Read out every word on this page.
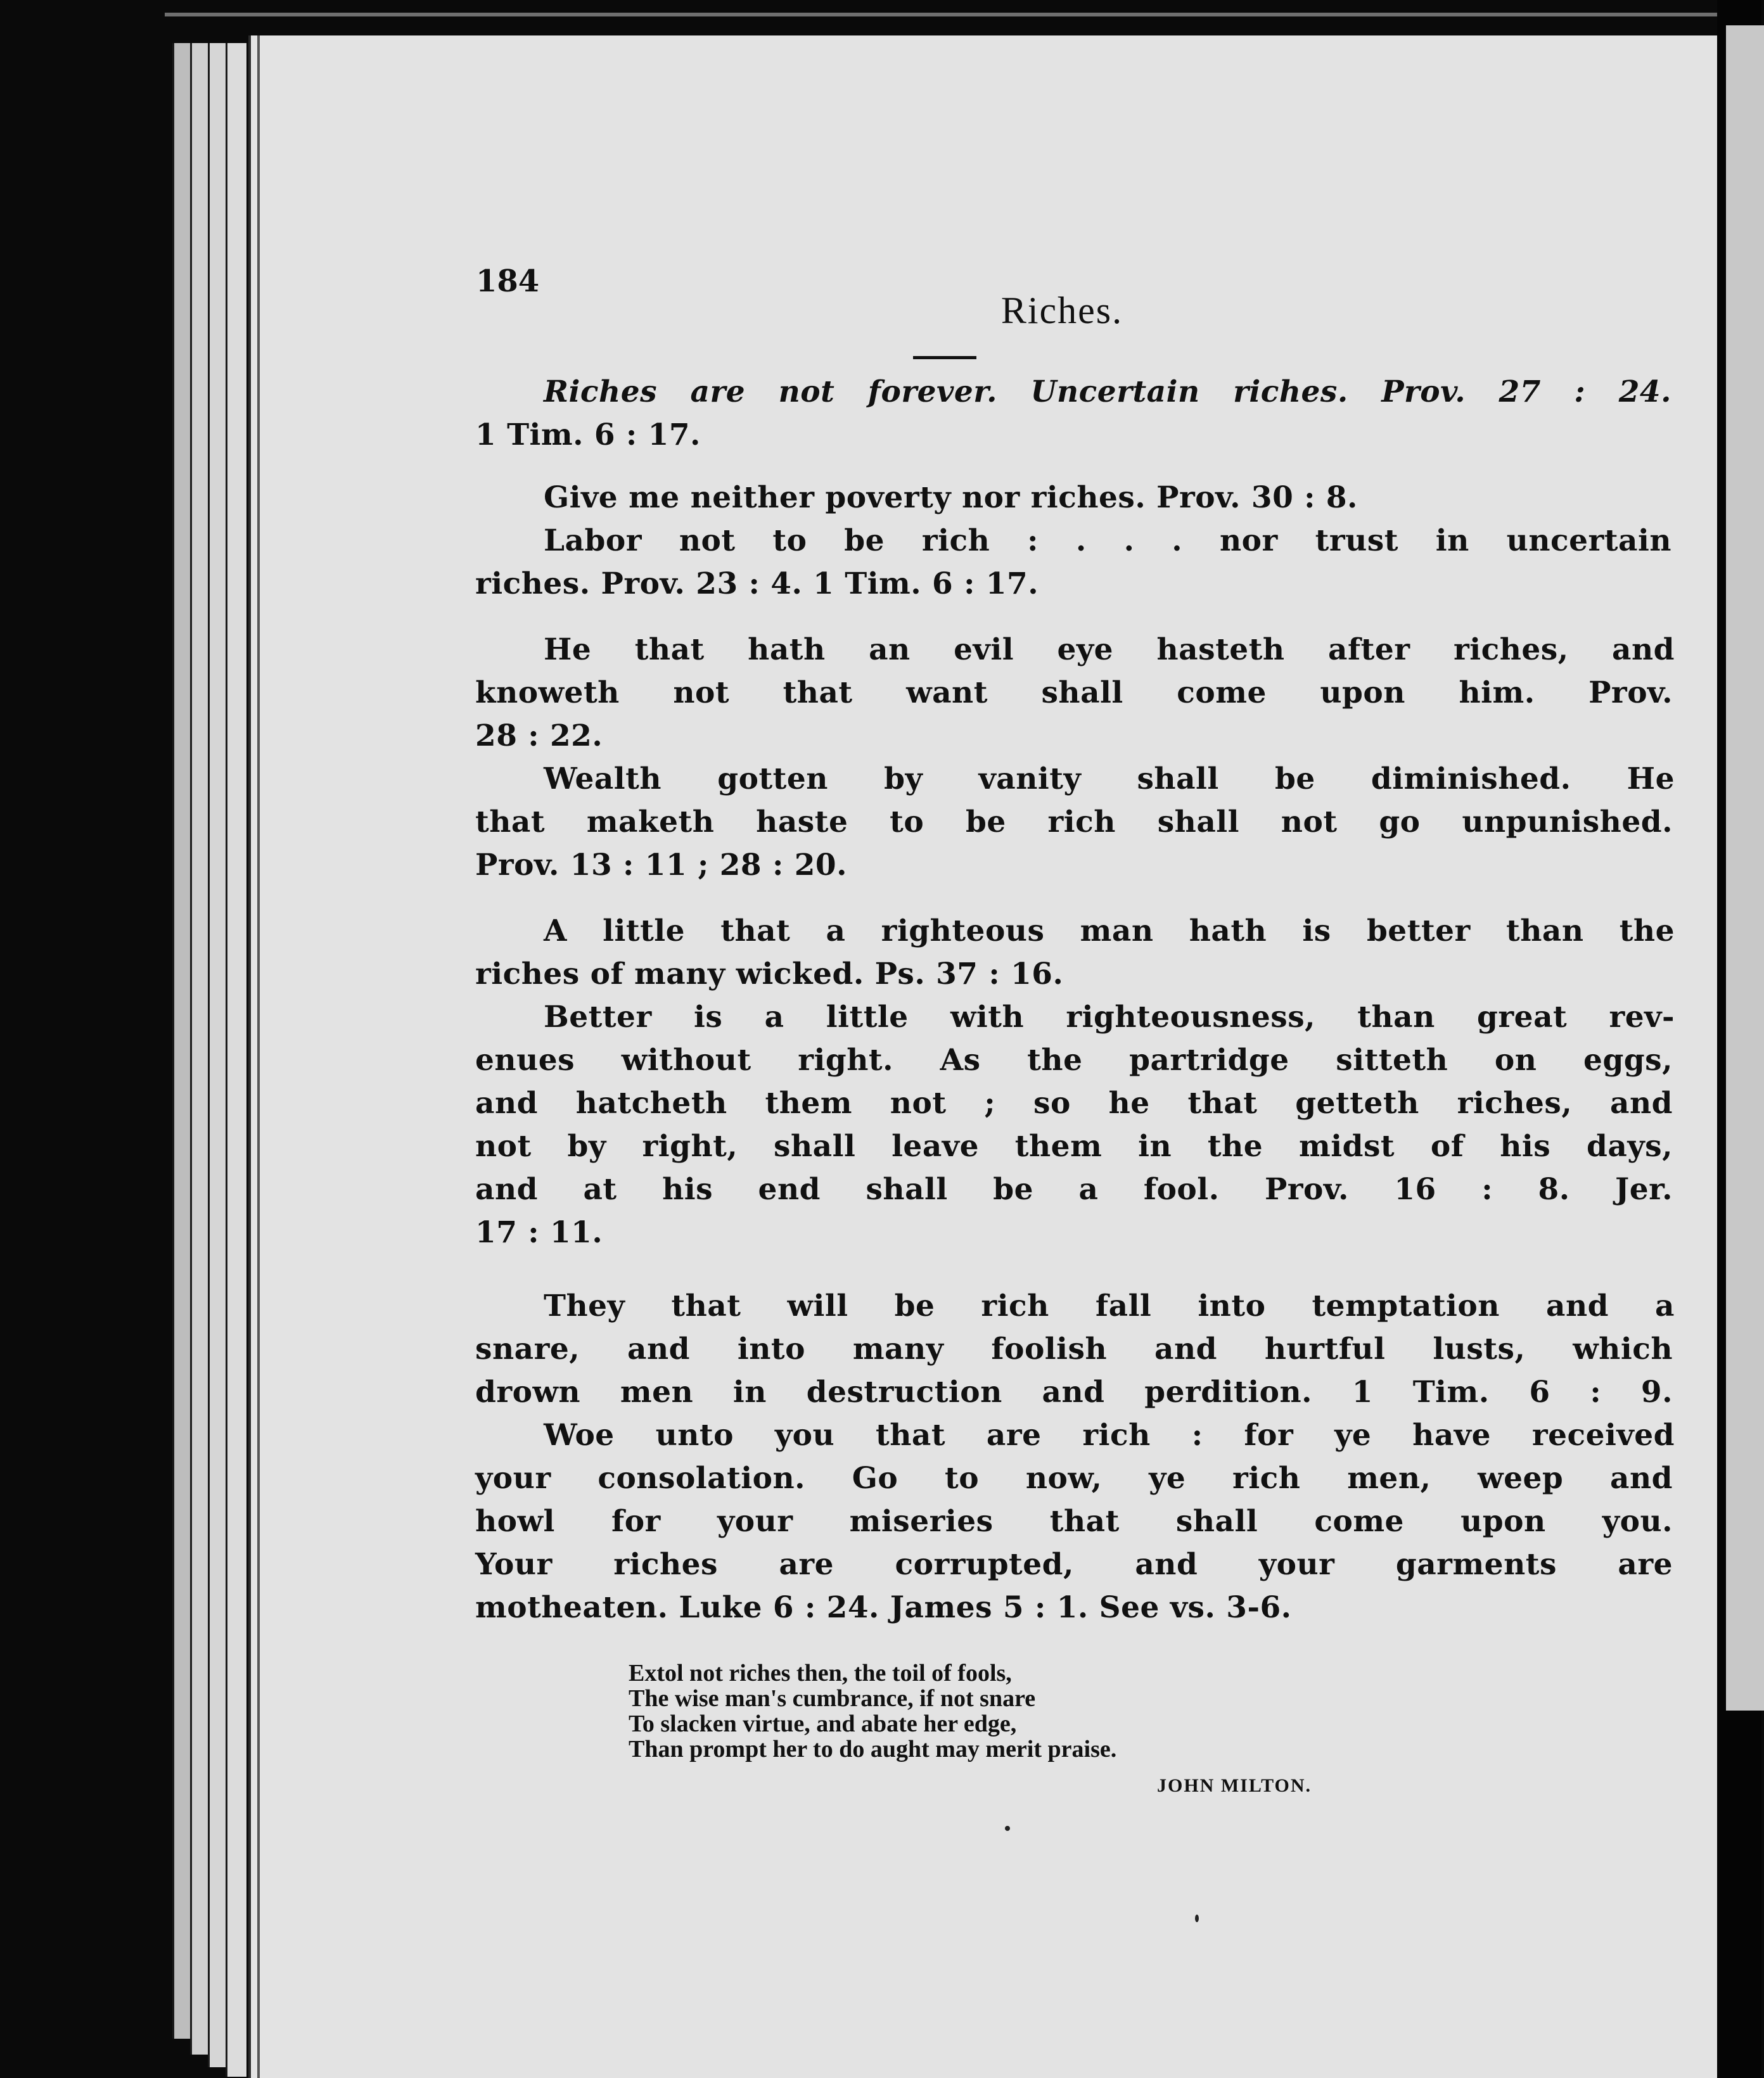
184
Riches.
Riches are not forever. Uncertain riches. Prov. 27 : 24.
1 Tim. 6 : 17.
Give me neither poverty nor riches. Prov. 30 : 8.
Labor not to be rich : . . . nor trust in uncertain
riches. Prov. 23 : 4. 1 Tim. 6 : 17.
He that hath an evil eye hasteth after riches, and
knoweth not that want shall come upon him. Prov.
28 : 22.
Wealth gotten by vanity shall be diminished. He
that maketh haste to be rich shall not go unpunished.
Prov. 13 : 11 ; 28 : 20.
A little that a righteous man hath is better than the
riches of many wicked. Ps. 37 : 16.
Better is a little with righteousness, than great rev-
enues without right. As the partridge sitteth on eggs,
and hatcheth them not ; so he that getteth riches, and
not by right, shall leave them in the midst of his days,
and at his end shall be a fool. Prov. 16 : 8. Jer.
17 : 11.
They that will be rich fall into temptation and a
snare, and into many foolish and hurtful lusts, which
drown men in destruction and perdition. 1 Tim. 6 : 9.
Woe unto you that are rich : for ye have received
your consolation. Go to now, ye rich men, weep and
howl for your miseries that shall come upon you.
Your riches are corrupted, and your garments are
motheaten. Luke 6 : 24. James 5 : 1. See vs. 3-6.
Extol not riches then, the toil of fools,
The wise man's cumbrance, if not snare
To slacken virtue, and abate her edge,
Than prompt her to do aught may merit praise.
JOHN MILTON.
